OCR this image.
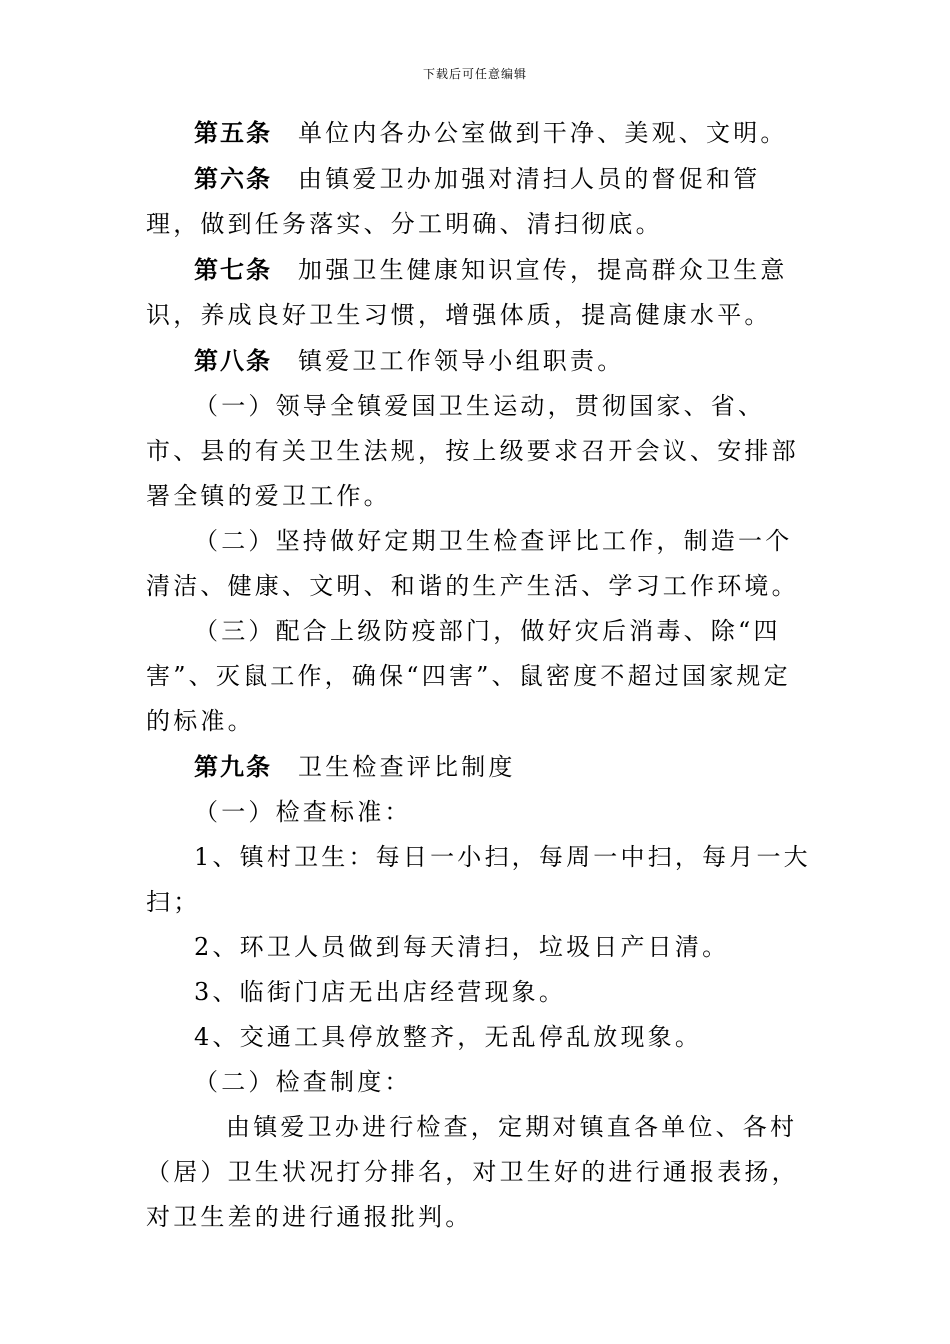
下载后可任意编辑

第五条 单位内各办公室做到干净、美观、文明。

第六条 由镇爱卫办加强对清扫人员的督促和管理，做到任务落实、分工明确、清扫彻底。

第七条 加强卫生健康知识宣传，提高群众卫生意识，养成良好卫生习惯，增强体质，提高健康水平。

第八条 镇爱卫工作领导小组职责。

（一）领导全镇爱国卫生运动，贯彻国家、省、市、县的有关卫生法规，按上级要求召开会议、安排部署全镇的爱卫工作。

（二）坚持做好定期卫生检查评比工作，制造一个清洁、健康、文明、和谐的生产生活、学习工作环境。

（三）配合上级防疫部门，做好灾后消毒、除“四害”、灭鼠工作，确保“四害”、鼠密度不超过国家规定的标准。

第九条 卫生检查评比制度

（一）检查标准：

1、镇村卫生：每日一小扫，每周一中扫，每月一大扫；

2、环卫人员做到每天清扫，垃圾日产日清。

3、临街门店无出店经营现象。

4、交通工具停放整齐，无乱停乱放现象。

（二）检查制度：

由镇爱卫办进行检查，定期对镇直各单位、各村（居）卫生状况打分排名，对卫生好的进行通报表扬，对卫生差的进行通报批判。
